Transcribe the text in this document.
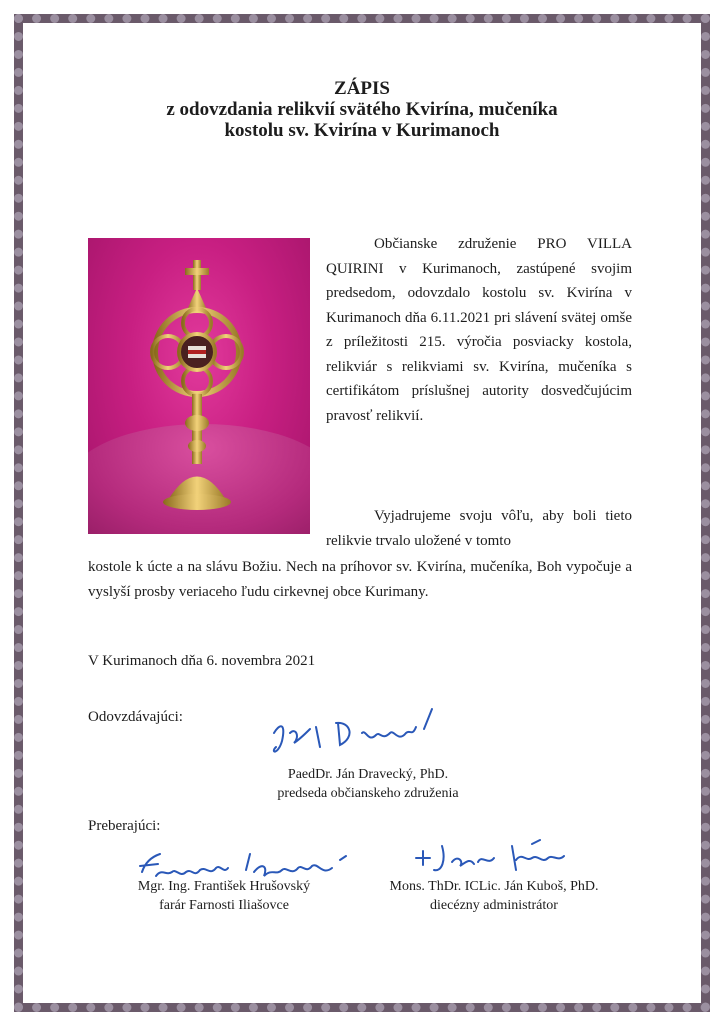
ZÁPIS
z odovzdania relikvií svätého Kvirína, mučeníka
kostolu sv. Kvirína v Kurimanoch
Občianske združenie PRO VILLA QUIRINI v Kurimanoch, zastúpené svojim predsedom, odovzdalo kostolu sv. Kvirína v Kurimanoch dňa 6.11.2021 pri slávení svätej omše z príležitosti 215. výročia posviacky kostola, relikviár s relikviami sv. Kvirína, mučeníka s certifikátom príslušnej autority dosvedčujúcim pravosť relikvií.
Vyjadrujeme svoju vôľu, aby boli tieto relikvie trvalo uložené v tomto
kostole k úcte a na slávu Božiu. Nech na príhovor sv. Kvirína, mučeníka, Boh vypočuje a vyslyší prosby veriaceho ľudu cirkevnej obce Kurimany.
V Kurimanoch dňa 6. novembra 2021
Odovzdávajúci:
PaedDr. Ján Dravecký, PhD.
predseda občianskeho združenia
Preberajúci:
Mgr. Ing. František Hrušovský
farár Farnosti Iliašovce
Mons. ThDr. ICLic. Ján Kuboš, PhD.
diecézny administrátor
